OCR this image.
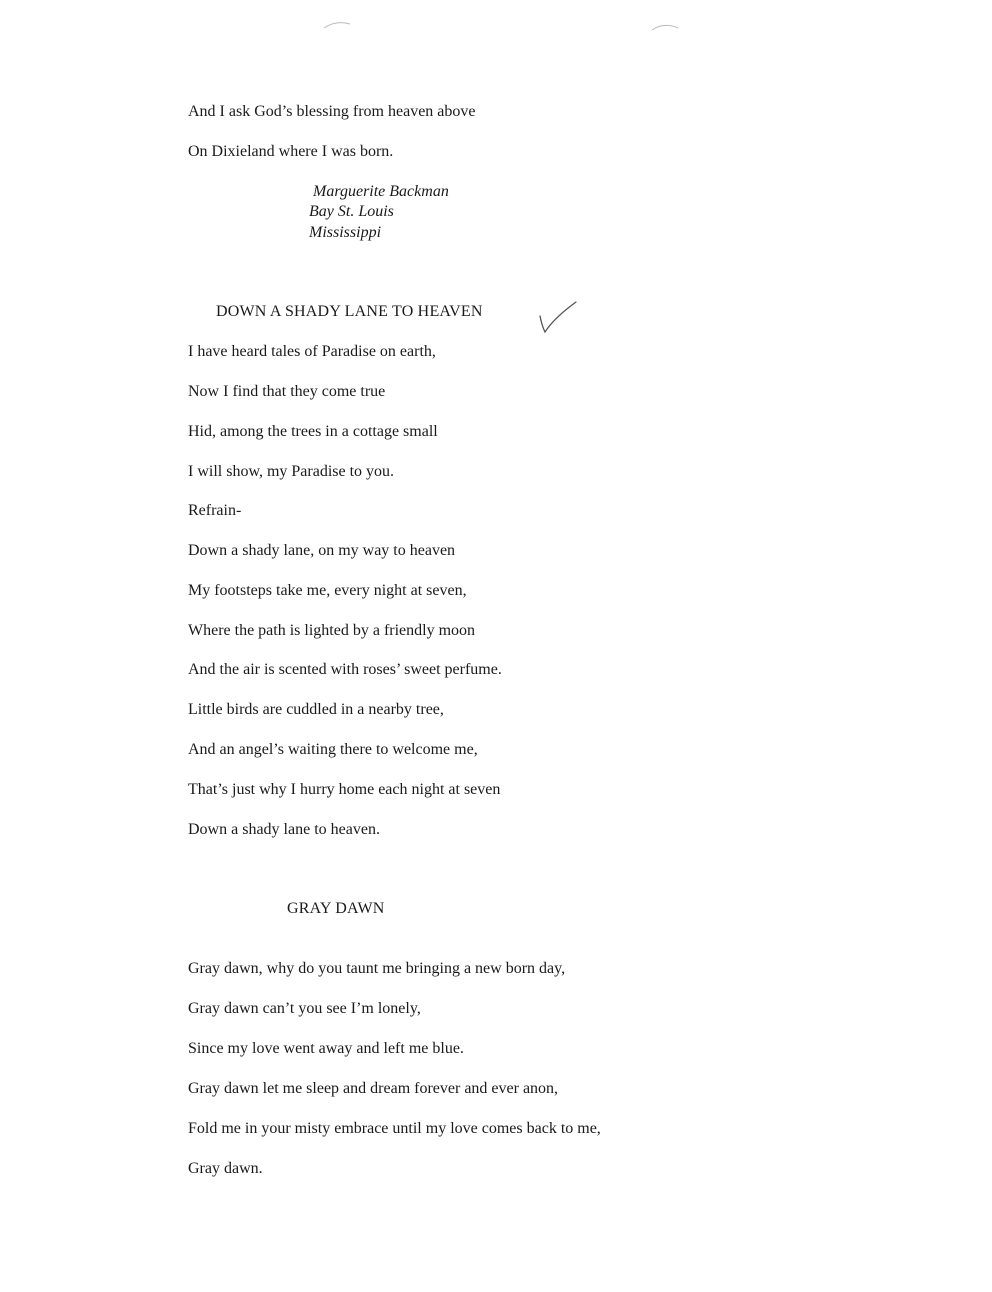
And I ask God’s blessing from heaven above
On Dixieland where I was born.
Marguerite Backman
Bay St. Louis
Mississippi
DOWN A SHADY LANE TO HEAVEN
I have heard tales of Paradise on earth,
Now I find that they come true
Hid, among the trees in a cottage small
I will show, my Paradise to you.
Refrain-
Down a shady lane, on my way to heaven
My footsteps take me, every night at seven,
Where the path is lighted by a friendly moon
And the air is scented with roses’ sweet perfume.
Little birds are cuddled in a nearby tree,
And an angel’s waiting there to welcome me,
That’s just why I hurry home each night at seven
Down a shady lane to heaven.
GRAY DAWN
Gray dawn, why do you taunt me bringing a new born day,
Gray dawn can’t you see I’m lonely,
Since my love went away and left me blue.
Gray dawn let me sleep and dream forever and ever anon,
Fold me in your misty embrace until my love comes back to me,
Gray dawn.
